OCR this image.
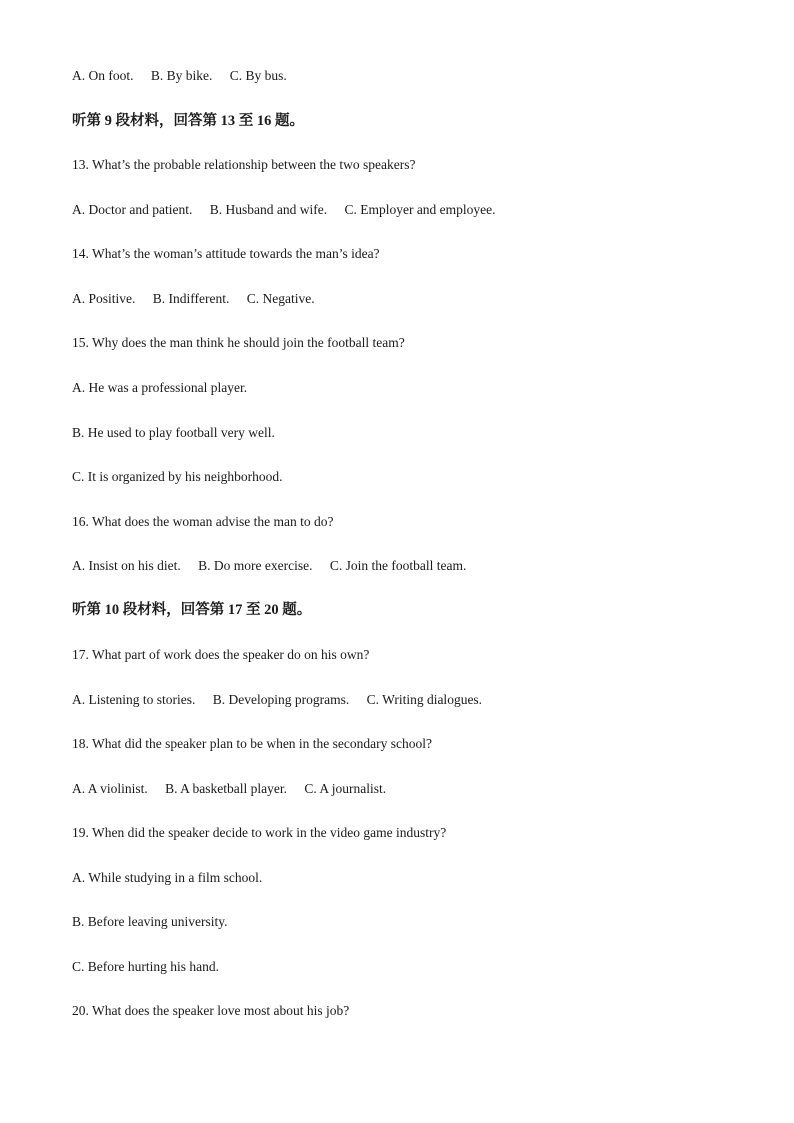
A. On foot. B. By bike. C. By bus.
听第 9 段材料，回答第 13 至 16 题。
13. What’s the probable relationship between the two speakers?
A. Doctor and patient. B. Husband and wife. C. Employer and employee.
14. What’s the woman’s attitude towards the man’s idea?
A. Positive. B. Indifferent. C. Negative.
15. Why does the man think he should join the football team?
A. He was a professional player.
B. He used to play football very well.
C. It is organized by his neighborhood.
16. What does the woman advise the man to do?
A. Insist on his diet. B. Do more exercise. C. Join the football team.
听第 10 段材料，回答第 17 至 20 题。
17. What part of work does the speaker do on his own?
A. Listening to stories. B. Developing programs. C. Writing dialogues.
18. What did the speaker plan to be when in the secondary school?
A. A violinist. B. A basketball player. C. A journalist.
19. When did the speaker decide to work in the video game industry?
A. While studying in a film school.
B. Before leaving university.
C. Before hurting his hand.
20. What does the speaker love most about his job?
